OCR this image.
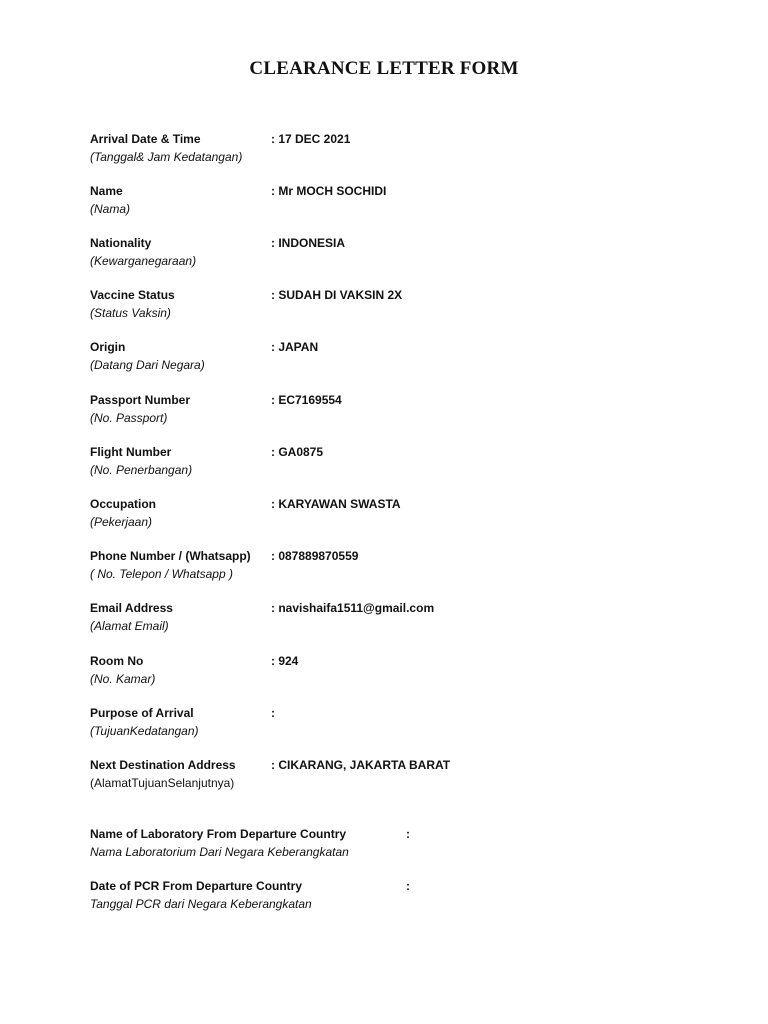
CLEARANCE LETTER FORM
Arrival Date & Time
(Tanggal& Jam Kedatangan)
: 17 DEC 2021
Name
(Nama)
: Mr MOCH SOCHIDI
Nationality
(Kewarganegaraan)
: INDONESIA
Vaccine Status
(Status Vaksin)
: SUDAH DI VAKSIN 2X
Origin
(Datang Dari Negara)
: JAPAN
Passport Number
(No. Passport)
: EC7169554
Flight Number
(No. Penerbangan)
: GA0875
Occupation
(Pekerjaan)
: KARYAWAN SWASTA
Phone Number / (Whatsapp)
( No. Telepon / Whatsapp )
: 087889870559
Email Address
(Alamat Email)
: navishaifa1511@gmail.com
Room No
(No. Kamar)
: 924
Purpose of Arrival
(TujuanKedatangan)
:
Next Destination Address
(AlamatTujuanSelanjutnya)
: CIKARANG, JAKARTA BARAT
Name of Laboratory From Departure Country
Nama Laboratorium Dari Negara Keberangkatan
:
Date of PCR From Departure Country
Tanggal PCR dari Negara Keberangkatan
:
